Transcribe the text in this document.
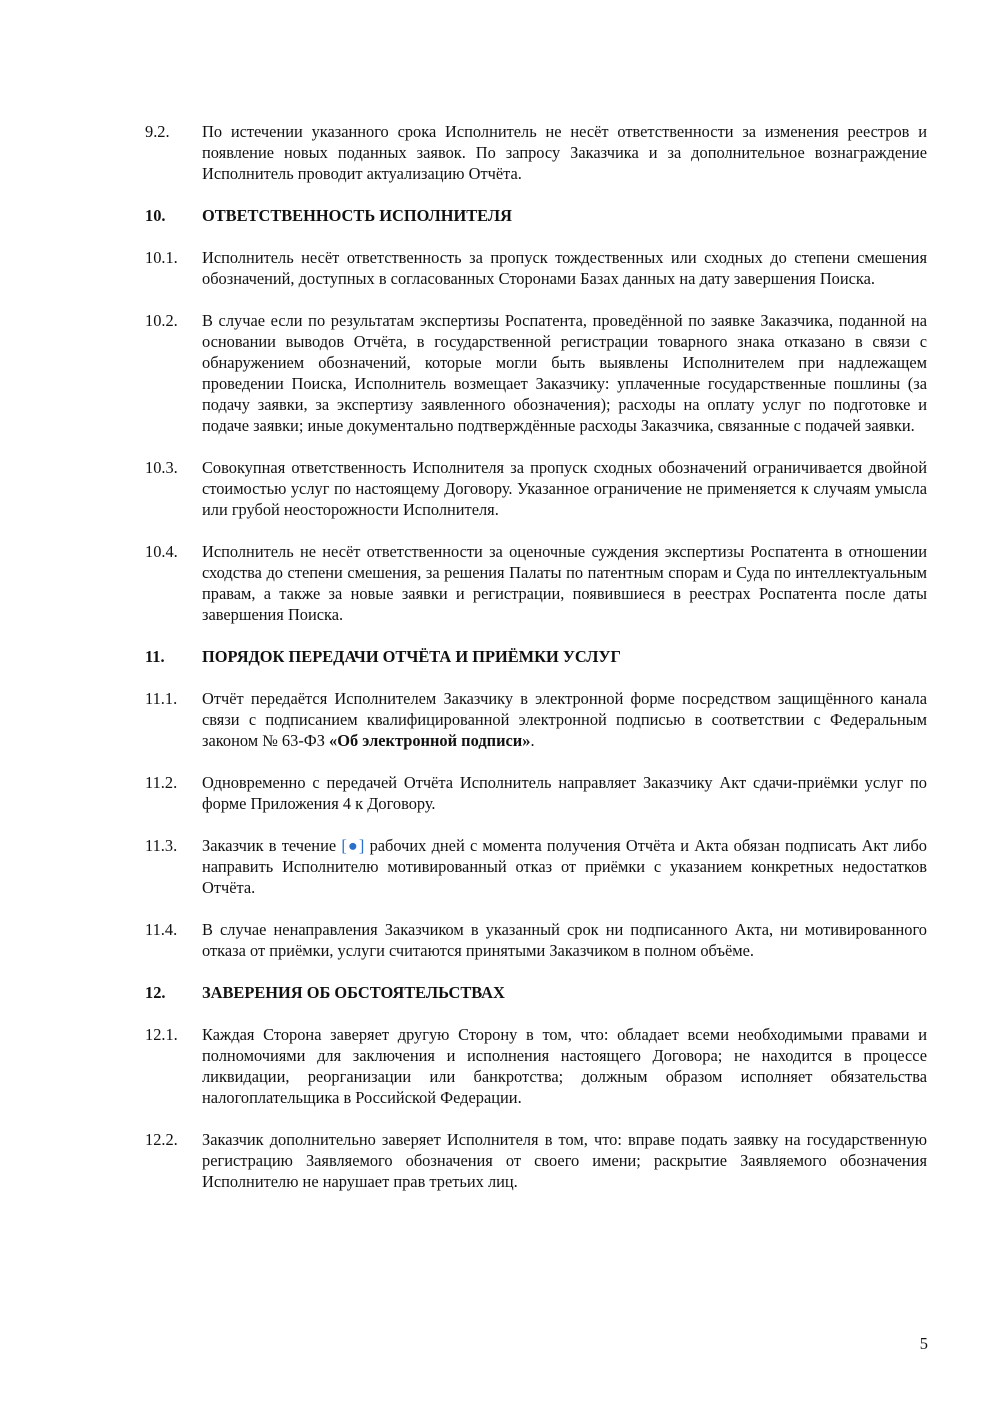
9.2.	По истечении указанного срока Исполнитель не несёт ответственности за изменения реестров и появление новых поданных заявок. По запросу Заказчика и за дополнительное вознаграждение Исполнитель проводит актуализацию Отчёта.
10.	ОТВЕТСТВЕННОСТЬ ИСПОЛНИТЕЛЯ
10.1.	Исполнитель несёт ответственность за пропуск тождественных или сходных до степени смешения обозначений, доступных в согласованных Сторонами Базах данных на дату завершения Поиска.
10.2.	В случае если по результатам экспертизы Роспатента, проведённой по заявке Заказчика, поданной на основании выводов Отчёта, в государственной регистрации товарного знака отказано в связи с обнаружением обозначений, которые могли быть выявлены Исполнителем при надлежащем проведении Поиска, Исполнитель возмещает Заказчику: уплаченные государственные пошлины (за подачу заявки, за экспертизу заявленного обозначения); расходы на оплату услуг по подготовке и подаче заявки; иные документально подтверждённые расходы Заказчика, связанные с подачей заявки.
10.3.	Совокупная ответственность Исполнителя за пропуск сходных обозначений ограничивается двойной стоимостью услуг по настоящему Договору. Указанное ограничение не применяется к случаям умысла или грубой неосторожности Исполнителя.
10.4.	Исполнитель не несёт ответственности за оценочные суждения экспертизы Роспатента в отношении сходства до степени смешения, за решения Палаты по патентным спорам и Суда по интеллектуальным правам, а также за новые заявки и регистрации, появившиеся в реестрах Роспатента после даты завершения Поиска.
11.	ПОРЯДОК ПЕРЕДАЧИ ОТЧЁТА И ПРИЁМКИ УСЛУГ
11.1.	Отчёт передаётся Исполнителем Заказчику в электронной форме посредством защищённого канала связи с подписанием квалифицированной электронной подписью в соответствии с Федеральным законом № 63-ФЗ «Об электронной подписи».
11.2.	Одновременно с передачей Отчёта Исполнитель направляет Заказчику Акт сдачи-приёмки услуг по форме Приложения 4 к Договору.
11.3.	Заказчик в течение [●] рабочих дней с момента получения Отчёта и Акта обязан подписать Акт либо направить Исполнителю мотивированный отказ от приёмки с указанием конкретных недостатков Отчёта.
11.4.	В случае ненаправления Заказчиком в указанный срок ни подписанного Акта, ни мотивированного отказа от приёмки, услуги считаются принятыми Заказчиком в полном объёме.
12.	ЗАВЕРЕНИЯ ОБ ОБСТОЯТЕЛЬСТВАХ
12.1.	Каждая Сторона заверяет другую Сторону в том, что: обладает всеми необходимыми правами и полномочиями для заключения и исполнения настоящего Договора; не находится в процессе ликвидации, реорганизации или банкротства; должным образом исполняет обязательства налогоплательщика в Российской Федерации.
12.2.	Заказчик дополнительно заверяет Исполнителя в том, что: вправе подать заявку на государственную регистрацию Заявляемого обозначения от своего имени; раскрытие Заявляемого обозначения Исполнителю не нарушает прав третьих лиц.
5
